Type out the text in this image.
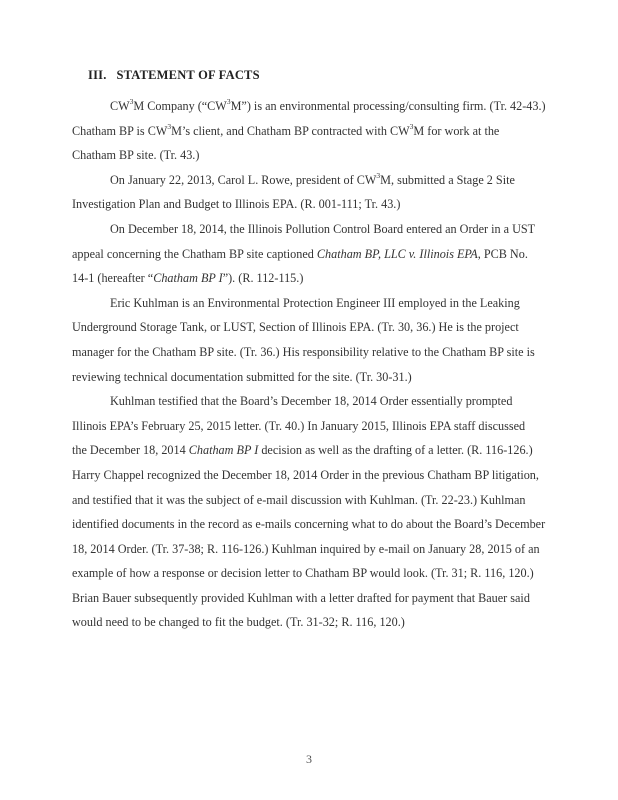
III. STATEMENT OF FACTS
$CW^3M$ Company $(“CW^3M”)$ is an environmental processing/consulting firm. (Tr. 42-43.)
Chatham BP is $CW^3M’s$ client, and Chatham BP contracted with $CW^3M$ for work at the
Chatham BP site. (Tr. 43.)
On January 22, 2013, Carol L. Rowe, president of $CW^3M$, submitted a Stage 2 Site
Investigation Plan and Budget to Illinois EPA. (R. 001-111; Tr. 43.)
On December 18, 2014, the Illinois Pollution Control Board entered an Order in a UST
appeal concerning the Chatham BP site captioned Chatham BP, LLC v. Illinois EPA, PCB No.
14-1 (hereafter “Chatham BP I”). (R. 112-115.)
Eric Kuhlman is an Environmental Protection Engineer III employed in the Leaking
Underground Storage Tank, or LUST, Section of Illinois EPA. (Tr. 30, 36.) He is the project
manager for the Chatham BP site. (Tr. 36.) His responsibility relative to the Chatham BP site is
reviewing technical documentation submitted for the site. (Tr. 30-31.)
Kuhlman testified that the Board’s December 18, 2014 Order essentially prompted
Illinois EPA’s February 25, 2015 letter. (Tr. 40.) In January 2015, Illinois EPA staff discussed
the December 18, 2014 Chatham BP I decision as well as the drafting of a letter. (R. 116-126.)
Harry Chappel recognized the December 18, 2014 Order in the previous Chatham BP litigation,
and testified that it was the subject of e-mail discussion with Kuhlman. (Tr. 22-23.) Kuhlman
identified documents in the record as e-mails concerning what to do about the Board’s December
18, 2014 Order. (Tr. 37-38; R. 116-126.) Kuhlman inquired by e-mail on January 28, 2015 of an
example of how a response or decision letter to Chatham BP would look. (Tr. 31; R. 116, 120.)
Brian Bauer subsequently provided Kuhlman with a letter drafted for payment that Bauer said
would need to be changed to fit the budget. (Tr. 31-32; R. 116, 120.)
3
